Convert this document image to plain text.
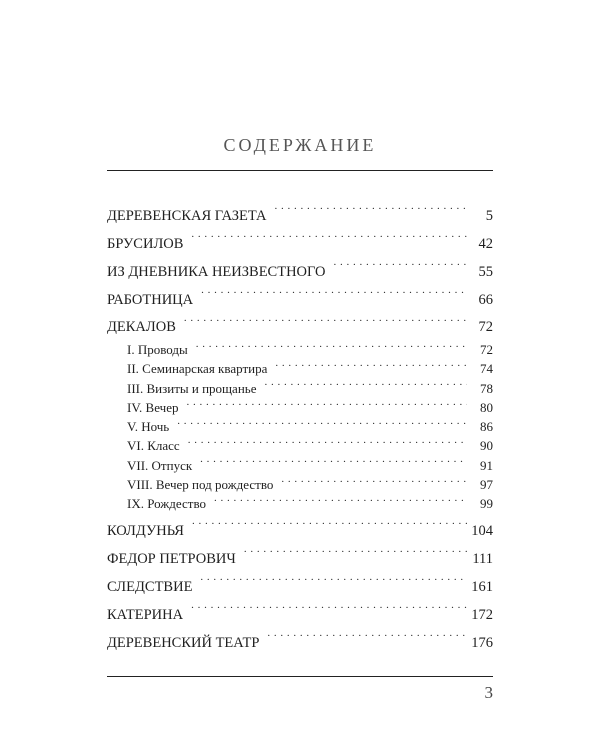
СОДЕРЖАНИЕ
ДЕРЕВЕНСКАЯ ГАЗЕТА . . .	5
БРУСИЛОВ . . .	42
ИЗ ДНЕВНИКА НЕИЗВЕСТНОГО . . .	55
РАБОТНИЦА . . .	66
ДЕКАЛОВ . . .	72
I. Проводы . . .	72
II. Семинарская квартира . . .	74
III. Визиты и прощанье . . .	78
IV. Вечер . . .	80
V. Ночь . . .	86
VI. Класс . . .	90
VII. Отпуск . . .	91
VIII. Вечер под рождество . . .	97
IX. Рождество . . .	99
КОЛДУНЬЯ . . .	104
ФЕДОР ПЕТРОВИЧ . . .	111
СЛЕДСТВИЕ . . .	161
КАТЕРИНА . . .	172
ДЕРЕВЕНСКИЙ ТЕАТР . . .	176
3
